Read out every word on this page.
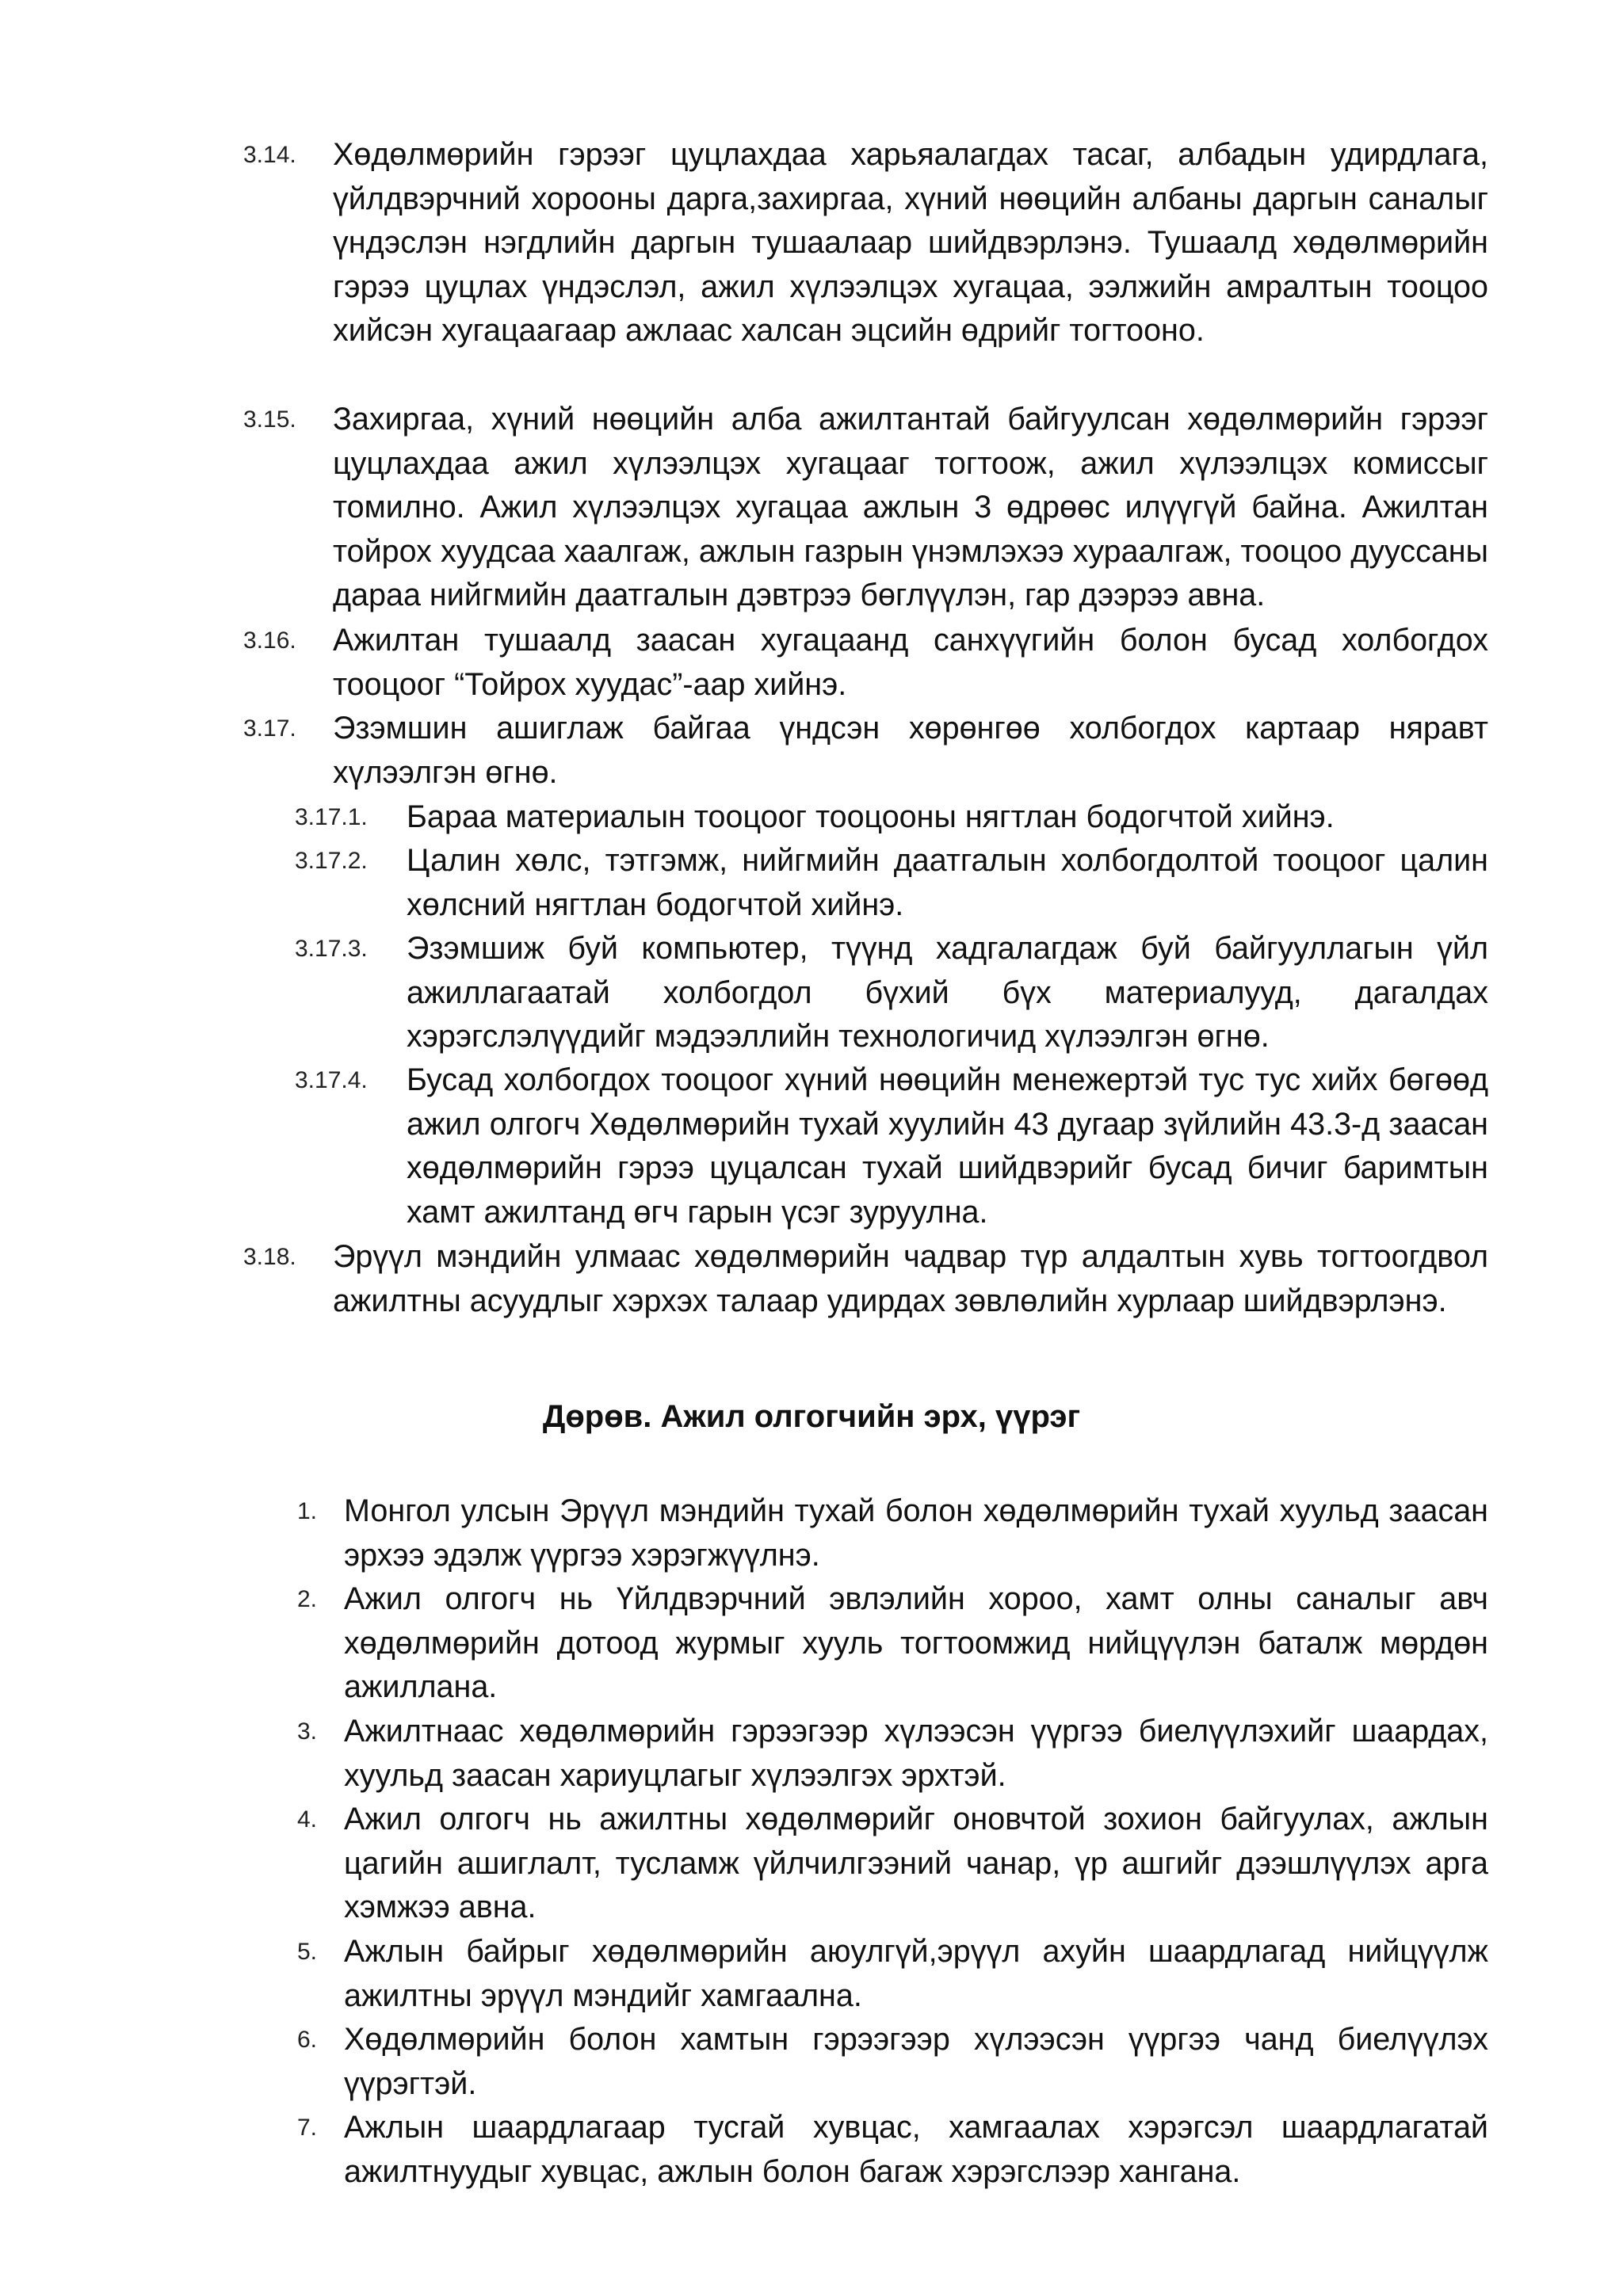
3.14. Хөдөлмөрийн гэрээг цуцлахдаа харьяалагдах тасаг, албадын удирдлага, үйлдвэрчний хорооны дарга,захиргаа, хүний нөөцийн албаны даргын саналыг үндэслэн нэгдлийн даргын тушаалаар шийдвэрлэнэ. Тушаалд хөдөлмөрийн гэрээ цуцлах үндэслэл, ажил хүлээлцэх хугацаа, ээлжийн амралтын тооцоо хийсэн хугацаагаар ажлаас халсан эцсийн өдрийг тогтооно.

3.15. Захиргаа, хүний нөөцийн алба ажилтантай байгуулсан хөдөлмөрийн гэрээг цуцлахдаа ажил хүлээлцэх хугацааг тогтоож, ажил хүлээлцэх комиссыг томилно. Ажил хүлээлцэх хугацаа ажлын 3 өдрөөс илүүгүй байна. Ажилтан тойрох хуудсаа хаалгаж, ажлын газрын үнэмлэхээ хураалгаж, тооцоо дууссаны дараа нийгмийн даатгалын дэвтрээ бөглүүлэн, гар дээрээ авна.

3.16. Ажилтан тушаалд заасан хугацаанд санхүүгийн болон бусад холбогдох тооцоог “Тойрох хуудас”-аар хийнэ.

3.17. Эзэмшин ашиглаж байгаа үндсэн хөрөнгөө холбогдох картаар няравт хүлээлгэн өгнө.

3.17.1. Бараа материалын тооцоог тооцооны нягтлан бодогчтой хийнэ.

3.17.2. Цалин хөлс, тэтгэмж, нийгмийн даатгалын холбогдолтой тооцоог цалин хөлсний нягтлан бодогчтой хийнэ.

3.17.3. Эзэмшиж буй компьютер, түүнд хадгалагдаж буй байгууллагын үйл ажиллагаатай холбогдол бүхий бүх материалууд, дагалдах хэрэгслэлүүдийг мэдээллийн технологичид хүлээлгэн өгнө.

3.17.4. Бусад холбогдох тооцоог хүний нөөцийн менежертэй тус тус хийх бөгөөд ажил олгогч Хөдөлмөрийн тухай хуулийн 43 дугаар зүйлийн 43.3-д заасан хөдөлмөрийн гэрээ цуцалсан тухай шийдвэрийг бусад бичиг баримтын хамт ажилтанд өгч гарын үсэг зуруулна.

3.18. Эрүүл мэндийн улмаас хөдөлмөрийн чадвар түр алдалтын хувь тогтоогдвол ажилтны асуудлыг хэрхэх талаар удирдах зөвлөлийн хурлаар шийдвэрлэнэ.

Дөрөв. Ажил олгогчийн эрх, үүрэг
1. Монгол улсын Эрүүл мэндийн тухай болон хөдөлмөрийн тухай хуульд заасан эрхээ эдэлж үүргээ хэрэгжүүлнэ.

2. Ажил олгогч нь Үйлдвэрчний эвлэлийн хороо, хамт олны саналыг авч хөдөлмөрийн дотоод журмыг хууль тогтоомжид нийцүүлэн баталж мөрдөн ажиллана.

3. Ажилтнаас хөдөлмөрийн гэрээгээр хүлээсэн үүргээ биелүүлэхийг шаардах, хуульд заасан хариуцлагыг хүлээлгэх эрхтэй.

4. Ажил олгогч нь ажилтны хөдөлмөрийг оновчтой зохион байгуулах, ажлын цагийн ашиглалт, тусламж үйлчилгээний чанар, үр ашгийг дээшлүүлэх арга хэмжээ авна.

5. Ажлын байрыг хөдөлмөрийн аюулгүй,эрүүл ахуйн шаардлагад нийцүүлж ажилтны эрүүл мэндийг хамгаална.

6. Хөдөлмөрийн болон хамтын гэрээгээр хүлээсэн үүргээ чанд биелүүлэх үүрэгтэй.

7. Ажлын шаардлагаар тусгай хувцас, хамгаалах хэрэгсэл шаардлагатай ажилтнуудыг хувцас, ажлын болон багаж хэрэгслээр хангана.
